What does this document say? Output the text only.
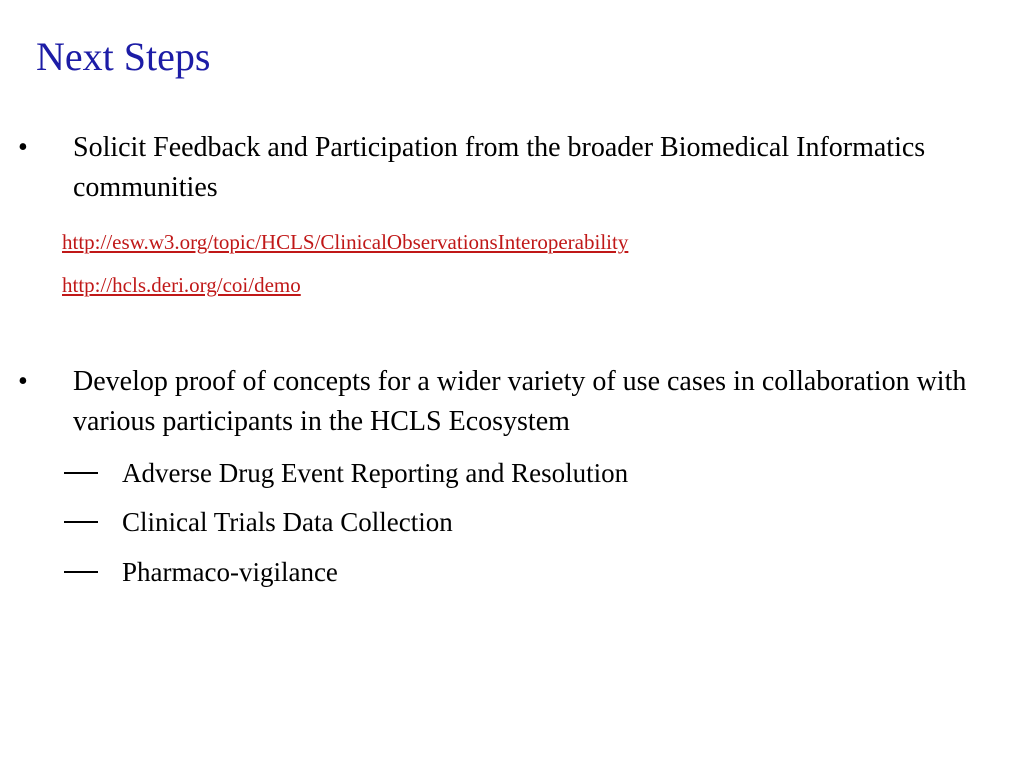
Next Steps
• Solicit Feedback and Participation from the broader Biomedical Informatics communities
http://esw.w3.org/topic/HCLS/ClinicalObservationsInteroperability
http://hcls.deri.org/coi/demo
• Develop proof of concepts for a wider variety of use cases in collaboration with various participants in the HCLS Ecosystem
Adverse Drug Event Reporting and Resolution
Clinical Trials Data Collection
Pharmaco-vigilance
